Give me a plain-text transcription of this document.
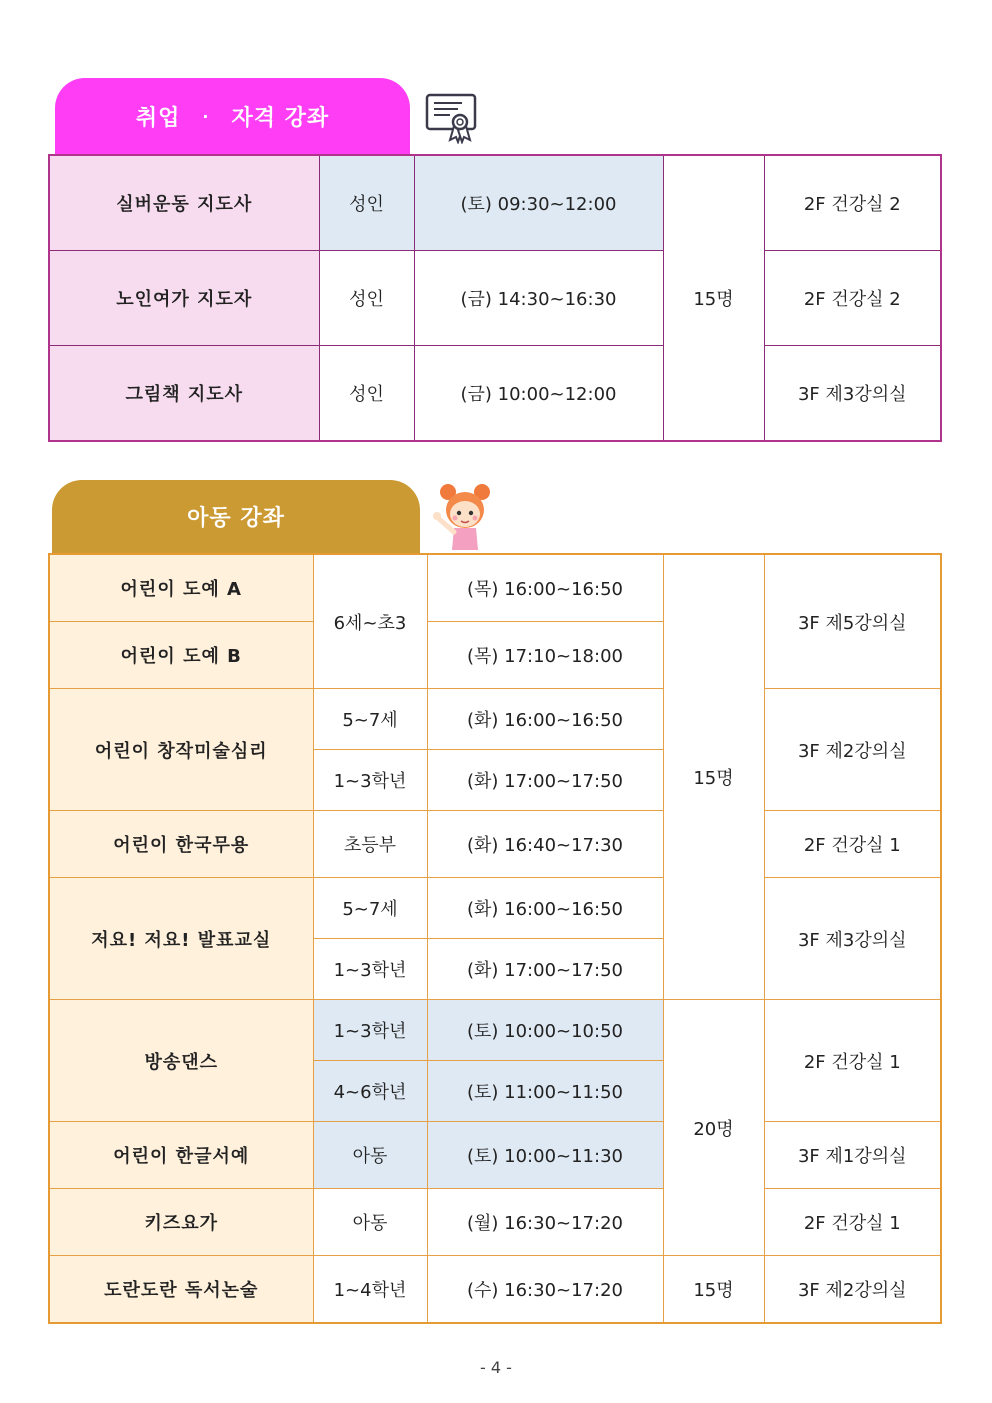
취업 · 자격 강좌
실버운동 지도사	성인	(토) 09:30~12:00	15명	2F 건강실 2
노인여가 지도자	성인	(금) 14:30~16:30		2F 건강실 2
그림책 지도사	성인	(금) 10:00~12:00		3F 제3강의실
아동 강좌
어린이 도예 A	6세~초3	(목) 16:00~16:50	15명	3F 제5강의실
어린이 도예 B		(목) 17:10~18:00		
어린이 창작미술심리	5~7세	(화) 16:00~16:50		3F 제2강의실
	1~3학년	(화) 17:00~17:50		
어린이 한국무용	초등부	(화) 16:40~17:30		2F 건강실 1
저요! 저요! 발표교실	5~7세	(화) 16:00~16:50		3F 제3강의실
	1~3학년	(화) 17:00~17:50		
방송댄스	1~3학년	(토) 10:00~10:50	20명	2F 건강실 1
	4~6학년	(토) 11:00~11:50		
어린이 한글서예	아동	(토) 10:00~11:30		3F 제1강의실
키즈요가	아동	(월) 16:30~17:20		2F 건강실 1
도란도란 독서논술	1~4학년	(수) 16:30~17:20	15명	3F 제2강의실
- 4 -
